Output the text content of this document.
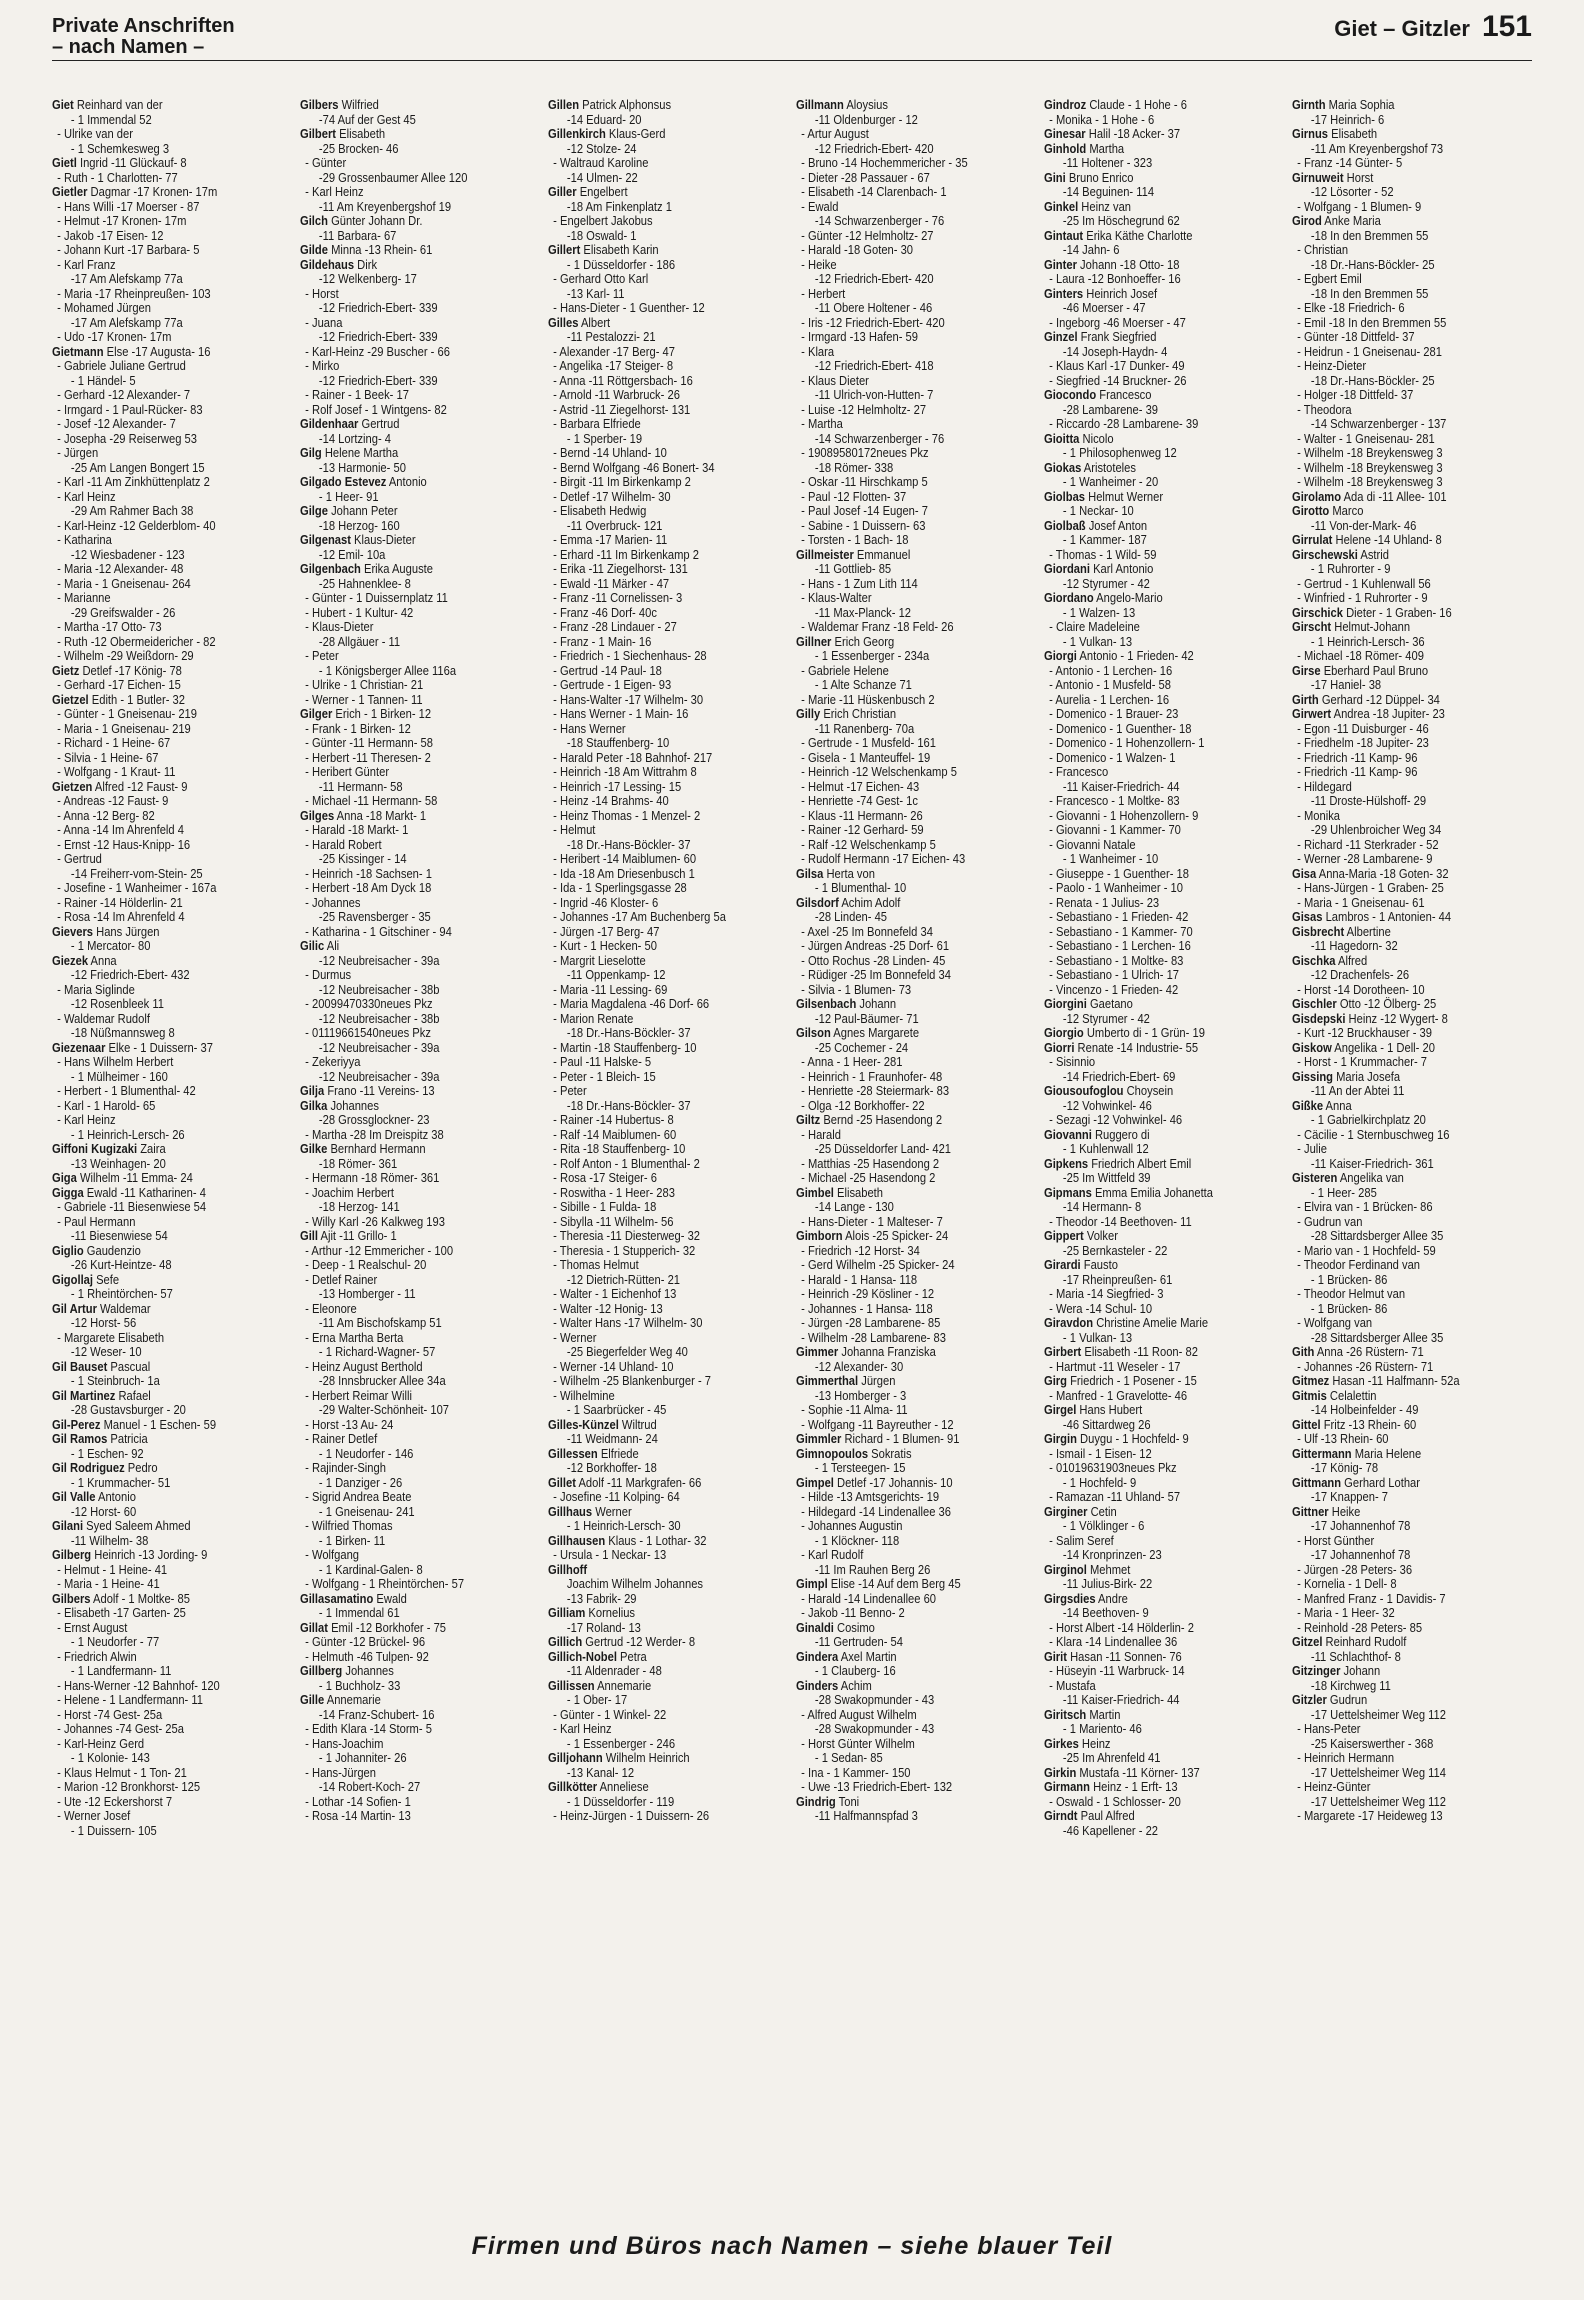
Private Anschriften
– nach Namen –
Giet – Gitzler 151
Giet Reinhard van der
- 1 Immendal 52
- Ulrike van der
- 1 Schemkesweg 3
Gietl Ingrid -11 Glückauf- 8
- Ruth - 1 Charlotten- 77
Gietler Dagmar -17 Kronen- 17m
- Hans Willi -17 Moerser - 87
- Helmut -17 Kronen- 17m
- Jakob -17 Eisen- 12
- Johann Kurt -17 Barbara- 5
- Karl Franz
-17 Am Alefskamp 77a
- Maria -17 Rheinpreußen- 103
- Mohamed Jürgen
-17 Am Alefskamp 77a
- Udo -17 Kronen- 17m
Gietmann Else -17 Augusta- 16
- Gabriele Juliane Gertrud
- 1 Händel- 5
- Gerhard -12 Alexander- 7
- Irmgard - 1 Paul-Rücker- 83
- Josef -12 Alexander- 7
- Josepha -29 Reiserweg 53
- Jürgen
-25 Am Langen Bongert 15
- Karl -11 Am Zinkhüttenplatz 2
- Karl Heinz
-29 Am Rahmer Bach 38
- Karl-Heinz -12 Gelderblom- 40
- Katharina
-12 Wiesbadener - 123
- Maria -12 Alexander- 48
- Maria - 1 Gneisenau- 264
- Marianne
-29 Greifswalder - 26
- Martha -17 Otto- 73
- Ruth -12 Obermeidericher - 82
- Wilhelm -29 Weißdorn- 29
Gietz Detlef -17 König- 78
- Gerhard -17 Eichen- 15
Gietzel Edith - 1 Butler- 32
- Günter - 1 Gneisenau- 219
- Maria - 1 Gneisenau- 219
- Richard - 1 Heine- 67
- Silvia - 1 Heine- 67
- Wolfgang - 1 Kraut- 11
Gietzen Alfred -12 Faust- 9
- Andreas -12 Faust- 9
- Anna -12 Berg- 82
- Anna -14 Im Ahrenfeld 4
- Ernst -12 Haus-Knipp- 16
- Gertrud
-14 Freiherr-vom-Stein- 25
- Josefine - 1 Wanheimer - 167a
- Rainer -14 Hölderlin- 21
- Rosa -14 Im Ahrenfeld 4
Gievers Hans Jürgen
- 1 Mercator- 80
Giezek Anna
-12 Friedrich-Ebert- 432
- Maria Siglinde
-12 Rosenbleek 11
- Waldemar Rudolf
-18 Nüßmannsweg 8
Giezenaar Elke - 1 Duissern- 37
- Hans Wilhelm Herbert
- 1 Mülheimer - 160
- Herbert - 1 Blumenthal- 42
- Karl - 1 Harold- 65
- Karl Heinz
- 1 Heinrich-Lersch- 26
Giffoni Kugizaki Zaira
-13 Weinhagen- 20
Giga Wilhelm -11 Emma- 24
Gigga Ewald -11 Katharinen- 4
- Gabriele -11 Biesenwiese 54
- Paul Hermann
-11 Biesenwiese 54
Giglio Gaudenzio
-26 Kurt-Heintze- 48
Gigollaj Sefe
- 1 Rheintörchen- 57
Gil Artur Waldemar
-12 Horst- 56
- Margarete Elisabeth
-12 Weser- 10
Gil Bauset Pascual
- 1 Steinbruch- 1a
Gil Martinez Rafael
-28 Gustavsburger - 20
Gil-Perez Manuel - 1 Eschen- 59
Gil Ramos Patricia
- 1 Eschen- 92
Gil Rodriguez Pedro
- 1 Krummacher- 51
Gil Valle Antonio
-12 Horst- 60
Gilani Syed Saleem Ahmed
-11 Wilhelm- 38
Gilberg Heinrich -13 Jording- 9
- Helmut - 1 Heine- 41
- Maria - 1 Heine- 41
Gilbers Adolf - 1 Moltke- 85
- Elisabeth -17 Garten- 25
- Ernst August
- 1 Neudorfer - 77
- Friedrich Alwin
- 1 Landfermann- 11
- Hans-Werner -12 Bahnhof- 120
- Helene - 1 Landfermann- 11
- Horst -74 Gest- 25a
- Johannes -74 Gest- 25a
- Karl-Heinz Gerd
- 1 Kolonie- 143
- Klaus Helmut - 1 Ton- 21
- Marion -12 Bronkhorst- 125
- Ute -12 Eckershorst 7
- Werner Josef
- 1 Duissern- 105
Gilbers Wilfried
-74 Auf der Gest 45
Gilbert Elisabeth
-25 Brocken- 46
- Günter
-29 Grossenbaumer Allee 120
- Karl Heinz
-11 Am Kreyenbergshof 19
Gilch Günter Johann Dr.
-11 Barbara- 67
Gilde Minna -13 Rhein- 61
Gildehaus Dirk
-12 Welkenberg- 17
- Horst
-12 Friedrich-Ebert- 339
- Juana
-12 Friedrich-Ebert- 339
- Karl-Heinz -29 Buscher - 66
- Mirko
-12 Friedrich-Ebert- 339
- Rainer - 1 Beek- 17
- Rolf Josef - 1 Wintgens- 82
Gildenhaar Gertrud
-14 Lortzing- 4
Gilg Helene Martha
-13 Harmonie- 50
Gilgado Estevez Antonio
- 1 Heer- 91
Gilge Johann Peter
-18 Herzog- 160
Gilgenast Klaus-Dieter
-12 Emil- 10a
Gilgenbach Erika Auguste
-25 Hahnenklee- 8
- Günter - 1 Duissernplatz 11
- Hubert - 1 Kultur- 42
- Klaus-Dieter
-28 Allgäuer - 11
- Peter
- 1 Königsberger Allee 116a
- Ulrike - 1 Christian- 21
- Werner - 1 Tannen- 11
Gilger Erich - 1 Birken- 12
- Frank - 1 Birken- 12
- Günter -11 Hermann- 58
- Herbert -11 Theresen- 2
- Heribert Günter
-11 Hermann- 58
- Michael -11 Hermann- 58
Gilges Anna -18 Markt- 1
- Harald -18 Markt- 1
- Harald Robert
-25 Kissinger - 14
- Heinrich -18 Sachsen- 1
- Herbert -18 Am Dyck 18
- Johannes
-25 Ravensberger - 35
- Katharina - 1 Gitschiner - 94
Gilic Ali
-12 Neubreisacher - 39a
- Durmus
-12 Neubreisacher - 38b
- 20099470330neues Pkz
-12 Neubreisacher - 38b
- 01119661540neues Pkz
-12 Neubreisacher - 39a
- Zekeriyya
-12 Neubreisacher - 39a
Gilja Frano -11 Vereins- 13
Gilka Johannes
-28 Grossglockner- 23
- Martha -28 Im Dreispitz 38
Gilke Bernhard Hermann
-18 Römer- 361
- Hermann -18 Römer- 361
- Joachim Herbert
-18 Herzog- 141
- Willy Karl -26 Kalkweg 193
Gill Ajit -11 Grillo- 1
- Arthur -12 Emmericher - 100
- Deep - 1 Realschul- 20
- Detlef Rainer
-13 Homberger - 11
- Eleonore
-11 Am Bischofskamp 51
- Erna Martha Berta
- 1 Richard-Wagner- 57
- Heinz August Berthold
-28 Innsbrucker Allee 34a
- Herbert Reimar Willi
-29 Walter-Schönheit- 107
- Horst -13 Au- 24
- Rainer Detlef
- 1 Neudorfer - 146
- Rajinder-Singh
- 1 Danziger - 26
- Sigrid Andrea Beate
- 1 Gneisenau- 241
- Wilfried Thomas
- 1 Birken- 11
- Wolfgang
- 1 Kardinal-Galen- 8
- Wolfgang - 1 Rheintörchen- 57
Gillasamatino Ewald
- 1 Immendal 61
Gillat Emil -12 Borkhofer - 75
- Günter -12 Brückel- 96
- Helmuth -46 Tulpen- 92
Gillberg Johannes
- 1 Buchholz- 33
Gille Annemarie
-14 Franz-Schubert- 16
- Edith Klara -14 Storm- 5
- Hans-Joachim
- 1 Johanniter- 26
- Hans-Jürgen
-14 Robert-Koch- 27
- Lothar -14 Sofien- 1
- Rosa -14 Martin- 13
Gillen Patrick Alphonsus
-14 Eduard- 20
Gillenkirch Klaus-Gerd
-12 Stolze- 24
- Waltraud Karoline
-14 Ulmen- 22
Giller Engelbert
-18 Am Finkenplatz 1
- Engelbert Jakobus
-18 Oswald- 1
Gillert Elisabeth Karin
- 1 Düsseldorfer - 186
- Gerhard Otto Karl
-13 Karl- 11
- Hans-Dieter - 1 Guenther- 12
Gilles Albert
-11 Pestalozzi- 21
- Alexander -17 Berg- 47
- Angelika -17 Steiger- 8
- Anna -11 Röttgersbach- 16
- Arnold -11 Warbruck- 26
- Astrid -11 Ziegelhorst- 131
- Barbara Elfriede
- 1 Sperber- 19
- Bernd -14 Uhland- 10
- Bernd Wolfgang -46 Bonert- 34
- Birgit -11 Im Birkenkamp 2
- Detlef -17 Wilhelm- 30
- Elisabeth Hedwig
-11 Overbruck- 121
- Emma -17 Marien- 11
- Erhard -11 Im Birkenkamp 2
- Erika -11 Ziegelhorst- 131
- Ewald -11 Märker - 47
- Franz -11 Cornelissen- 3
- Franz -46 Dorf- 40c
- Franz -28 Lindauer - 27
- Franz - 1 Main- 16
- Friedrich - 1 Siechenhaus- 28
- Gertrud -14 Paul- 18
- Gertrude - 1 Eigen- 93
- Hans-Walter -17 Wilhelm- 30
- Hans Werner - 1 Main- 16
- Hans Werner
-18 Stauffenberg- 10
- Harald Peter -18 Bahnhof- 217
- Heinrich -18 Am Wittrahm 8
- Heinrich -17 Lessing- 15
- Heinz -14 Brahms- 40
- Heinz Thomas - 1 Menzel- 2
- Helmut
-18 Dr.-Hans-Böckler- 37
- Heribert -14 Maiblumen- 60
- Ida -18 Am Driesenbusch 1
- Ida - 1 Sperlingsgasse 28
- Ingrid -46 Kloster- 6
- Johannes -17 Am Buchenberg 5a
- Jürgen -17 Berg- 47
- Kurt - 1 Hecken- 50
- Margrit Lieselotte
-11 Oppenkamp- 12
- Maria -11 Lessing- 69
- Maria Magdalena -46 Dorf- 66
- Marion Renate
-18 Dr.-Hans-Böckler- 37
- Martin -18 Stauffenberg- 10
- Paul -11 Halske- 5
- Peter - 1 Bleich- 15
- Peter
-18 Dr.-Hans-Böckler- 37
- Rainer -14 Hubertus- 8
- Ralf -14 Maiblumen- 60
- Rita -18 Stauffenberg- 10
- Rolf Anton - 1 Blumenthal- 2
- Rosa -17 Steiger- 6
- Roswitha - 1 Heer- 283
- Sibille - 1 Fulda- 18
- Sibylla -11 Wilhelm- 56
- Theresia -11 Diesterweg- 32
- Theresia - 1 Stupperich- 32
- Thomas Helmut
-12 Dietrich-Rütten- 21
- Walter - 1 Eichenhof 13
- Walter -12 Honig- 13
- Walter Hans -17 Wilhelm- 30
- Werner
-25 Biegerfelder Weg 40
- Werner -14 Uhland- 10
- Wilhelm -25 Blankenburger - 7
- Wilhelmine
- 1 Saarbrücker - 45
Gilles-Künzel Wiltrud
-11 Weidmann- 24
Gillessen Elfriede
-12 Borkhoffer- 18
Gillet Adolf -11 Markgrafen- 66
- Josefine -11 Kolping- 64
Gillhaus Werner
- 1 Heinrich-Lersch- 30
Gillhausen Klaus - 1 Lothar- 32
- Ursula - 1 Neckar- 13
Gillhoff
Joachim Wilhelm Johannes
-13 Fabrik- 29
Gilliam Kornelius
-17 Roland- 13
Gillich Gertrud -12 Werder- 8
Gillich-Nobel Petra
-11 Aldenrader - 48
Gillissen Annemarie
- 1 Ober- 17
- Günter - 1 Winkel- 22
- Karl Heinz
- 1 Essenberger - 246
Gilljohann Wilhelm Heinrich
-13 Kanal- 12
Gillkötter Anneliese
- 1 Düsseldorfer - 119
- Heinz-Jürgen - 1 Duissern- 26
Gillmann Aloysius
-11 Oldenburger - 12
- Artur August
-12 Friedrich-Ebert- 420
- Bruno -14 Hochemmericher - 35
- Dieter -28 Passauer - 67
- Elisabeth -14 Clarenbach- 1
- Ewald
-14 Schwarzenberger - 76
- Günter -12 Helmholtz- 27
- Harald -18 Goten- 30
- Heike
-12 Friedrich-Ebert- 420
- Herbert
-11 Obere Holtener - 46
- Iris -12 Friedrich-Ebert- 420
- Irmgard -13 Hafen- 59
- Klara
-12 Friedrich-Ebert- 418
- Klaus Dieter
-11 Ulrich-von-Hutten- 7
- Luise -12 Helmholtz- 27
- Martha
-14 Schwarzenberger - 76
- 19089580172neues Pkz
-18 Römer- 338
- Oskar -11 Hirschkamp 5
- Paul -12 Flotten- 37
- Paul Josef -14 Eugen- 7
- Sabine - 1 Duissern- 63
- Torsten - 1 Bach- 18
Gillmeister Emmanuel
-11 Gottlieb- 85
- Hans - 1 Zum Lith 114
- Klaus-Walter
-11 Max-Planck- 12
- Waldemar Franz -18 Feld- 26
Gillner Erich Georg
- 1 Essenberger - 234a
- Gabriele Helene
- 1 Alte Schanze 71
- Marie -11 Hüskenbusch 2
Gilly Erich Christian
-11 Ranenberg- 70a
- Gertrude - 1 Musfeld- 161
- Gisela - 1 Manteuffel- 19
- Heinrich -12 Welschenkamp 5
- Helmut -17 Eichen- 43
- Henriette -74 Gest- 1c
- Klaus -11 Hermann- 26
- Rainer -12 Gerhard- 59
- Ralf -12 Welschenkamp 5
- Rudolf Hermann -17 Eichen- 43
Gilsa Herta von
- 1 Blumenthal- 10
Gilsdorf Achim Adolf
-28 Linden- 45
- Axel -25 Im Bonnefeld 34
- Jürgen Andreas -25 Dorf- 61
- Otto Rochus -28 Linden- 45
- Rüdiger -25 Im Bonnefeld 34
- Silvia - 1 Blumen- 73
Gilsenbach Johann
-12 Paul-Bäumer- 71
Gilson Agnes Margarete
-25 Cochemer - 24
- Anna - 1 Heer- 281
- Heinrich - 1 Fraunhofer- 48
- Henriette -28 Steiermark- 83
- Olga -12 Borkhoffer- 22
Giltz Bernd -25 Hasendong 2
- Harald
-25 Düsseldorfer Land- 421
- Matthias -25 Hasendong 2
- Michael -25 Hasendong 2
Gimbel Elisabeth
-14 Lange - 130
- Hans-Dieter - 1 Malteser- 7
Gimborn Alois -25 Spicker- 24
- Friedrich -12 Horst- 34
- Gerd Wilhelm -25 Spicker- 24
- Harald - 1 Hansa- 118
- Heinrich -29 Kösliner - 12
- Johannes - 1 Hansa- 118
- Jürgen -28 Lambarene- 85
- Wilhelm -28 Lambarene- 83
Gimmer Johanna Franziska
-12 Alexander- 30
Gimmerthal Jürgen
-13 Homberger - 3
- Sophie -11 Alma- 11
- Wolfgang -11 Bayreuther - 12
Gimmler Richard - 1 Blumen- 91
Gimnopoulos Sokratis
- 1 Tersteegen- 15
Gimpel Detlef -17 Johannis- 10
- Hilde -13 Amtsgerichts- 19
- Hildegard -14 Lindenallee 36
- Johannes Augustin
- 1 Klöckner- 118
- Karl Rudolf
-11 Im Rauhen Berg 26
Gimpl Elise -14 Auf dem Berg 45
- Harald -14 Lindenallee 60
- Jakob -11 Benno- 2
Ginaldi Cosimo
-11 Gertruden- 54
Gindera Axel Martin
- 1 Clauberg- 16
Ginders Achim
-28 Swakopmunder - 43
- Alfred August Wilhelm
-28 Swakopmunder - 43
- Horst Günter Wilhelm
- 1 Sedan- 85
- Ina - 1 Kammer- 150
- Uwe -13 Friedrich-Ebert- 132
Gindrig Toni
-11 Halfmannspfad 3
Gindroz Claude - 1 Hohe - 6
- Monika - 1 Hohe - 6
Ginesar Halil -18 Acker- 37
Ginhold Martha
-11 Holtener - 323
Gini Bruno Enrico
-14 Beguinen- 114
Ginkel Heinz van
-25 Im Höschegrund 62
Gintaut Erika Käthe Charlotte
-14 Jahn- 6
Ginter Johann -18 Otto- 18
- Laura -12 Bonhoeffer- 16
Ginters Heinrich Josef
-46 Moerser - 47
- Ingeborg -46 Moerser - 47
Ginzel Frank Siegfried
-14 Joseph-Haydn- 4
- Klaus Karl -17 Dunker- 49
- Siegfried -14 Bruckner- 26
Giocondo Francesco
-28 Lambarene- 39
- Riccardo -28 Lambarene- 39
Gioitta Nicolo
- 1 Philosophenweg 12
Giokas Aristoteles
- 1 Wanheimer - 20
Giolbas Helmut Werner
- 1 Neckar- 10
Giolbaß Josef Anton
- 1 Kammer- 187
- Thomas - 1 Wild- 59
Giordani Karl Antonio
-12 Styrumer - 42
Giordano Angelo-Mario
- 1 Walzen- 13
- Claire Madeleine
- 1 Vulkan- 13
Giorgi Antonio - 1 Frieden- 42
- Antonio - 1 Lerchen- 16
- Antonio - 1 Musfeld- 58
- Aurelia - 1 Lerchen- 16
- Domenico - 1 Brauer- 23
- Domenico - 1 Guenther- 18
- Domenico - 1 Hohenzollern- 1
- Domenico - 1 Walzen- 1
- Francesco
-11 Kaiser-Friedrich- 44
- Francesco - 1 Moltke- 83
- Giovanni - 1 Hohenzollern- 9
- Giovanni - 1 Kammer- 70
- Giovanni Natale
- 1 Wanheimer - 10
- Giuseppe - 1 Guenther- 18
- Paolo - 1 Wanheimer - 10
- Renata - 1 Julius- 23
- Sebastiano - 1 Frieden- 42
- Sebastiano - 1 Kammer- 70
- Sebastiano - 1 Lerchen- 16
- Sebastiano - 1 Moltke- 83
- Sebastiano - 1 Ulrich- 17
- Vincenzo - 1 Frieden- 42
Giorgini Gaetano
-12 Styrumer - 42
Giorgio Umberto di - 1 Grün- 19
Giorri Renate -14 Industrie- 55
- Sisinnio
-14 Friedrich-Ebert- 69
Giousoufoglou Choysein
-12 Vohwinkel- 46
- Sezagi -12 Vohwinkel- 46
Giovanni Ruggero di
- 1 Kuhlenwall 12
Gipkens Friedrich Albert Emil
-25 Im Wittfeld 39
Gipmans Emma Emilia Johanetta
-14 Hermann- 8
- Theodor -14 Beethoven- 11
Gippert Volker
-25 Bernkasteler - 22
Girardi Fausto
-17 Rheinpreußen- 61
- Maria -14 Siegfried- 3
- Wera -14 Schul- 10
Giravdon Christine Amelie Marie
- 1 Vulkan- 13
Girbert Elisabeth -11 Roon- 82
- Hartmut -11 Weseler - 17
Girg Friedrich - 1 Posener - 15
- Manfred - 1 Gravelotte- 46
Girgel Hans Hubert
-46 Sittardweg 26
Girgin Duygu - 1 Hochfeld- 9
- Ismail - 1 Eisen- 12
- 01019631903neues Pkz
- 1 Hochfeld- 9
- Ramazan -11 Uhland- 57
Girginer Cetin
- 1 Völklinger - 6
- Salim Seref
-14 Kronprinzen- 23
Girginol Mehmet
-11 Julius-Birk- 22
Girgsdies Andre
-14 Beethoven- 9
- Horst Albert -14 Hölderlin- 2
- Klara -14 Lindenallee 36
Girit Hasan -11 Sonnen- 76
- Hüseyin -11 Warbruck- 14
- Mustafa
-11 Kaiser-Friedrich- 44
Giritsch Martin
- 1 Mariento- 46
Girkes Heinz
-25 Im Ahrenfeld 41
Girkin Mustafa -11 Körner- 137
Girmann Heinz - 1 Erft- 13
- Oswald - 1 Schlosser- 20
Girndt Paul Alfred
-46 Kapellener - 22
Girnth Maria Sophia
-17 Heinrich- 6
Girnus Elisabeth
-11 Am Kreyenbergshof 73
- Franz -14 Günter- 5
Girnuweit Horst
-12 Lösorter - 52
- Wolfgang - 1 Blumen- 9
Girod Anke Maria
-18 In den Bremmen 55
- Christian
-18 Dr.-Hans-Böckler- 25
- Egbert Emil
-18 In den Bremmen 55
- Elke -18 Friedrich- 6
- Emil -18 In den Bremmen 55
- Günter -18 Dittfeld- 37
- Heidrun - 1 Gneisenau- 281
- Heinz-Dieter
-18 Dr.-Hans-Böckler- 25
- Holger -18 Dittfeld- 37
- Theodora
-14 Schwarzenberger - 137
- Walter - 1 Gneisenau- 281
- Wilhelm -18 Breykensweg 3
- Wilhelm -18 Breykensweg 3
- Wilhelm -18 Breykensweg 3
Girolamo Ada di -11 Allee- 101
Girotto Marco
-11 Von-der-Mark- 46
Girrulat Helene -14 Uhland- 8
Girschewski Astrid
- 1 Ruhrorter - 9
- Gertrud - 1 Kuhlenwall 56
- Winfried - 1 Ruhrorter - 9
Girschick Dieter - 1 Graben- 16
Girscht Helmut-Johann
- 1 Heinrich-Lersch- 36
- Michael -18 Römer- 409
Girse Eberhard Paul Bruno
-17 Haniel- 38
Girth Gerhard -12 Düppel- 34
Girwert Andrea -18 Jupiter- 23
- Egon -11 Duisburger - 46
- Friedhelm -18 Jupiter- 23
- Friedrich -11 Kamp- 96
- Friedrich -11 Kamp- 96
- Hildegard
-11 Droste-Hülshoff- 29
- Monika
-29 Uhlenbroicher Weg 34
- Richard -11 Sterkrader - 52
- Werner -28 Lambarene- 9
Gisa Anna-Maria -18 Goten- 32
- Hans-Jürgen - 1 Graben- 25
- Maria - 1 Gneisenau- 61
Gisas Lambros - 1 Antonien- 44
Gisbrecht Albertine
-11 Hagedorn- 32
Gischka Alfred
-12 Drachenfels- 26
- Horst -14 Dorotheen- 10
Gischler Otto -12 Ölberg- 25
Gisdepski Heinz -12 Wygert- 8
- Kurt -12 Bruckhauser - 39
Giskow Angelika - 1 Dell- 20
- Horst - 1 Krummacher- 7
Gissing Maria Josefa
-11 An der Abtei 11
Gißke Anna
- 1 Gabrielkirchplatz 20
- Cäcilie - 1 Sternbuschweg 16
- Julie
-11 Kaiser-Friedrich- 361
Gisteren Angelika van
- 1 Heer- 285
- Elvira van - 1 Brücken- 86
- Gudrun van
-28 Sittardsberger Allee 35
- Mario van - 1 Hochfeld- 59
- Theodor Ferdinand van
- 1 Brücken- 86
- Theodor Helmut van
- 1 Brücken- 86
- Wolfgang van
-28 Sittardsberger Allee 35
Gith Anna -26 Rüstern- 71
- Johannes -26 Rüstern- 71
Gitmez Hasan -11 Halfmann- 52a
Gitmis Celalettin
-14 Holbeinfelder - 49
Gittel Fritz -13 Rhein- 60
- Ulf -13 Rhein- 60
Gittermann Maria Helene
-17 König- 78
Gittmann Gerhard Lothar
-17 Knappen- 7
Gittner Heike
-17 Johannenhof 78
- Horst Günther
-17 Johannenhof 78
- Jürgen -28 Peters- 36
- Kornelia - 1 Dell- 8
- Manfred Franz - 1 Davidis- 7
- Maria - 1 Heer- 32
- Reinhold -28 Peters- 85
Gitzel Reinhard Rudolf
-11 Schlachthof- 8
Gitzinger Johann
-18 Kirchweg 11
Gitzler Gudrun
-17 Uettelsheimer Weg 112
- Hans-Peter
-25 Kaiserswerther - 368
- Heinrich Hermann
-17 Uettelsheimer Weg 114
- Heinz-Günter
-17 Uettelsheimer Weg 112
- Margarete -17 Heideweg 13
Firmen und Büros nach Namen – siehe blauer Teil
